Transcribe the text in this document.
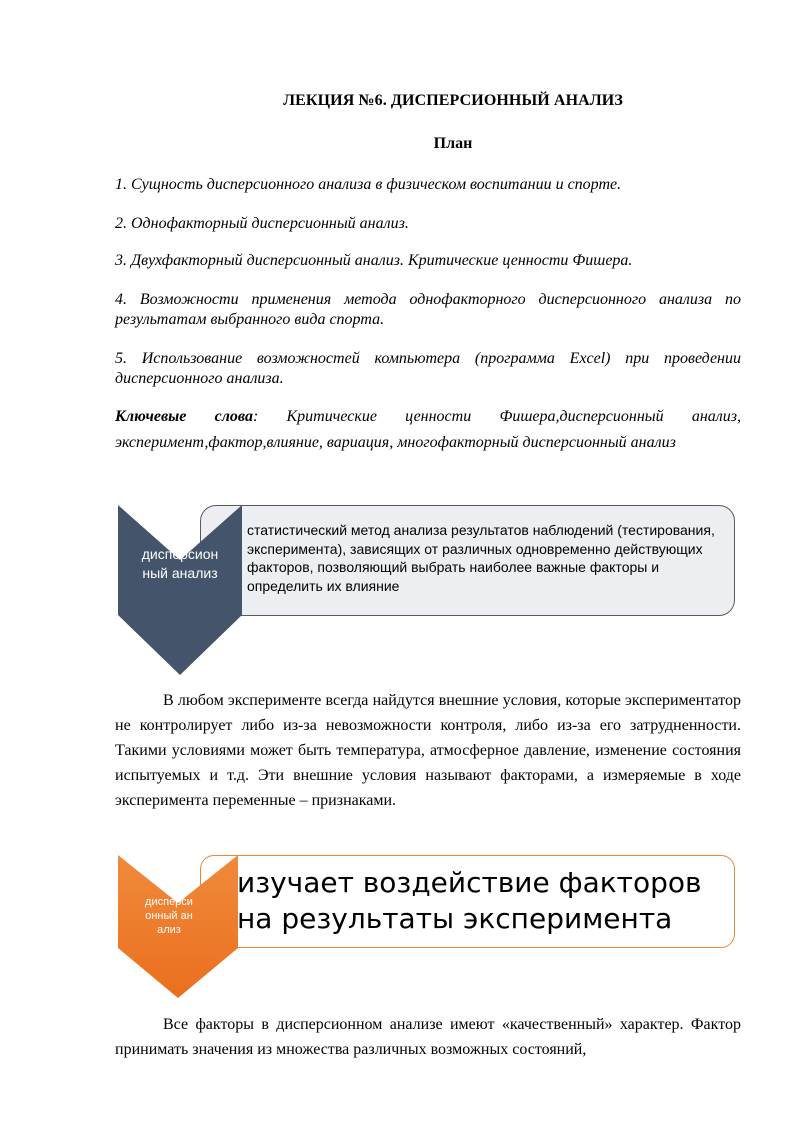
ЛЕКЦИЯ №6. ДИСПЕРСИОННЫЙ АНАЛИЗ
План
1. Сущность дисперсионного анализа в физическом воспитании и спорте.
2. Однофакторный дисперсионный анализ.
3. Двухфакторный дисперсионный анализ. Критические ценности Фишера.
4. Возможности применения метода однофакторного дисперсионного анализа по результатам выбранного вида спорта.
5. Использование возможностей компьютера (программа Excel) при проведении дисперсионного анализа.
Ключевые слова: Критические ценности Фишера,дисперсионный анализ, эксперимент,фактор,влияние, вариация, многофакторный дисперсионный анализ
дисперсионный анализ
статистический метод анализа результатов наблюдений (тестирования, эксперимента), зависящих от различных одновременно действующих факторов, позволяющий выбрать наиболее важные факторы и определить их влияние
В любом эксперименте всегда найдутся внешние условия, которые экспериментатор не контролирует либо из-за невозможности контроля, либо из-за его затрудненности. Такими условиями может быть температура, атмосферное давление, изменение состояния испытуемых и т.д. Эти внешние условия называют факторами, а измеряемые в ходе эксперимента переменные – признаками.
дисперсионный анализ
изучает воздействие факторов на результаты эксперимента
Все факторы в дисперсионном анализе имеют «качественный» характер. Фактор принимать значения из множества различных возможных состояний,
